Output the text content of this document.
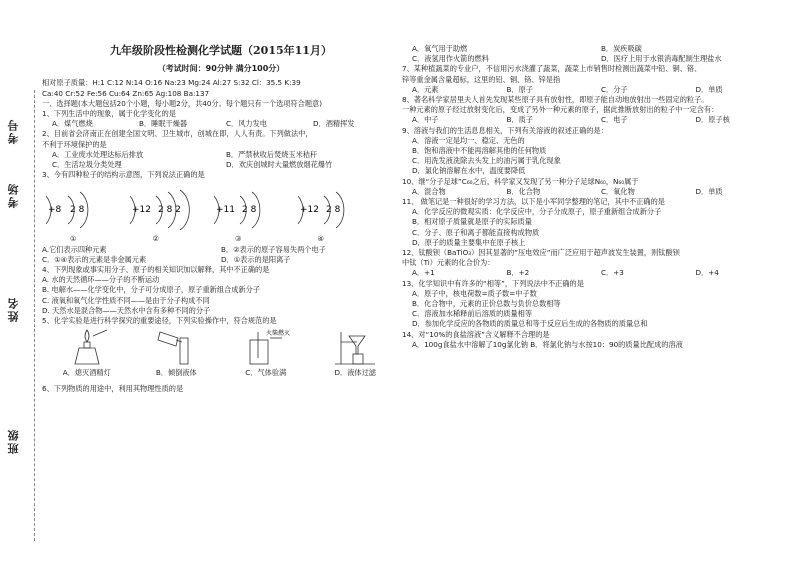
考号
考场
姓名
班级
九年级阶段性检测化学试题（2015年11月）
（考试时间：90分钟 满分100分）
相对原子质量：H:1 C:12 N:14 O:16 Na:23 Mg:24 Al:27 S:32 Cl：35.5 K:39
Ca:40 Cr:52 Fe:56 Cu:64 Zn:65 Ag:108 Ba:137
一、选择题(本大题包括20个小题，每小题2分，共40分。每个题只有一个选项符合题意)
1、下列生活中的现象，属于化学变化的是
A．煤气燃烧	B．睡眠干燥器	C．风力发电	D．酒精挥发
2、目前省会济南正在创建全国文明、卫生城市，创城在即，人人有责。下列做法中，
不利于环境保护的是
A．工业废水处理达标后排放	B．严禁秋收后焚烧玉米秸秆
C．生活垃圾分类处理	D．欢庆创城时大量燃放烟花爆竹
3、今有四种粒子的结构示意图，下列说法正确的是
+8 2 8	+12 2 8 2	+11 2 8	+12 2 8
①	②	③	④
A.它们表示四种元素	B．②表示的原子容易失两个电子
C．①④表示的元素是非金属元素	D．①表示的是阳离子
4、下列现象或事实用分子、原子的相关知识加以解释，其中不正确的是
A. 水的天然循环——分子的不断运动
B. 电解水——化学变化中，分子可分成原子，原子重新组合成新分子
C. 液氧和氧气化学性质不同——是由于分子构成不同
D. 天然水是混合物——天然水中含有多种不同的分子
5、化学实验是进行科学探究的重要途径，下列实验操作中，符合规范的是
火柴燃灭
A．熄灭酒精灯	B．倾倒液体	C．气体验满	D．液体过滤
6、下列物质的用途中，利用其物理性质的是
A．氧气用于助燃	B．炭疾吸碳
C．液氢用作火箭的燃料	D．医疗上用于水银消毒配制生理盐水
7、某种植蔬菜的专业户，不信用污水浇灌了蔬菜，蔬菜上市销售时检测出蔬菜中铅、铜、铬、
锌等重金属含量超标，这里的铅、铜、铬、锌是指
A．元素	B．原子	C．分子	D．单质
8、著名科学家居里夫人首先发现某些原子具有放射性，即原子能自动地放射出一些固定的粒子。
一种元素的原子经过放射变化后，变成了另外一种元素的原子，据此推断放射出的粒子中一定含有：
A．中子	B．质子	C．电子	D．原子核
9、溶液与我们的生活息息相关，下列有关溶液的叙述正确的是：
A．溶液一定是均一、稳定、无色的
B．饱和溶液中不能再溶解其他的任何物质
C．用洗发液洗除去头发上的油污属于乳化现象
D．氯化钠溶解在水中，温度要降低
10、继“分子足球”C₆₀之后，科学家又发现了另一种分子足球N₆₀，N₆₀属于
A．混合物	B．化合物	C．氧化物	D．单质
11、 做笔记是一种很好的学习方法，以下是小军同学整理的笔记，其中不正确的是
A．化学反应的微观实质：化学反应中，分子分成原子，原子重新组合成新分子
B．相对原子质量就是原子的实际质量
C．分子、原子和离子都能直接构成物质
D．原子的质量主要集中在原子核上
12、钛酸钡（BaTiO₃）因其显著的“压电效应”而广泛应用于超声波发生装置，则钛酸钡
中钛（Ti）元素的化合价为：
A．+1	B．+2	C．+3	D．+4
13、化学知识中有许多的“相等”，下列说法中不正确的是
A．原子中，核电荷数=质子数=中子数
B．化合物中，元素的正价总数与负价总数相等
C．溶液加水稀释前后溶质的质量相等
D．参加化学反应的各物质的质量总和等于反应后生成的各物质的质量总和
14、对“10%的食盐溶液”含义解释不合理的是
A．100g食盐水中溶解了10g氯化钠 B．将氯化钠与水按10：90的质量比配成的溶液
